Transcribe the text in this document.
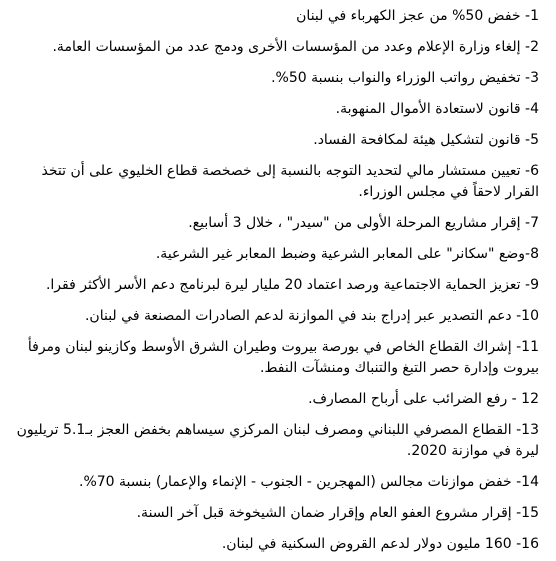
1- خفض 50% من عجز الكهرباء في لبنان

2- إلغاء وزارة الإعلام وعدد من المؤسسات الأخرى ودمج عدد من المؤسسات العامة.

3- تخفيض رواتب الوزراء والنواب بنسبة 50%.

4- قانون لاستعادة الأموال المنهوبة.

5- قانون لتشكيل هيئة لمكافحة الفساد.

6- تعيين مستشار مالي لتحديد التوجه بالنسبة إلى خصخصة قطاع الخليوي على أن تتخذ القرار لاحقاً في مجلس الوزراء.

7- إقرار مشاريع المرحلة الأولى من "سيدر" ، خلال 3 أسابيع.

8-وضع "سكانر" على المعابر الشرعية وضبط المعابر غير الشرعية.

9- تعزيز الحماية الاجتماعية ورصد اعتماد 20 مليار ليرة لبرنامج دعم الأسر الأكثر فقرا.

10- دعم التصدير عبر إدراج بند في الموازنة لدعم الصادرات المصنعة في لبنان.

11- إشراك القطاع الخاص في بورصة بيروت وطيران الشرق الأوسط وكازينو لبنان ومرفأ بيروت وإدارة حصر التبغ والتنباك ومنشآت النفط.

12 - رفع الضرائب على أرباح المصارف.

13- القطاع المصرفي اللبناني ومصرف لبنان المركزي سيساهم بخفض العجز بـ5.1 تريليون ليرة في موازنة 2020.

14- خفض موازنات مجالس (المهجرين - الجنوب - الإنماء والإعمار) بنسبة 70%.

15- إقرار مشروع العفو العام وإقرار ضمان الشيخوخة قبل آخر السنة.

16- 160 مليون دولار لدعم القروض السكنية في لبنان.
